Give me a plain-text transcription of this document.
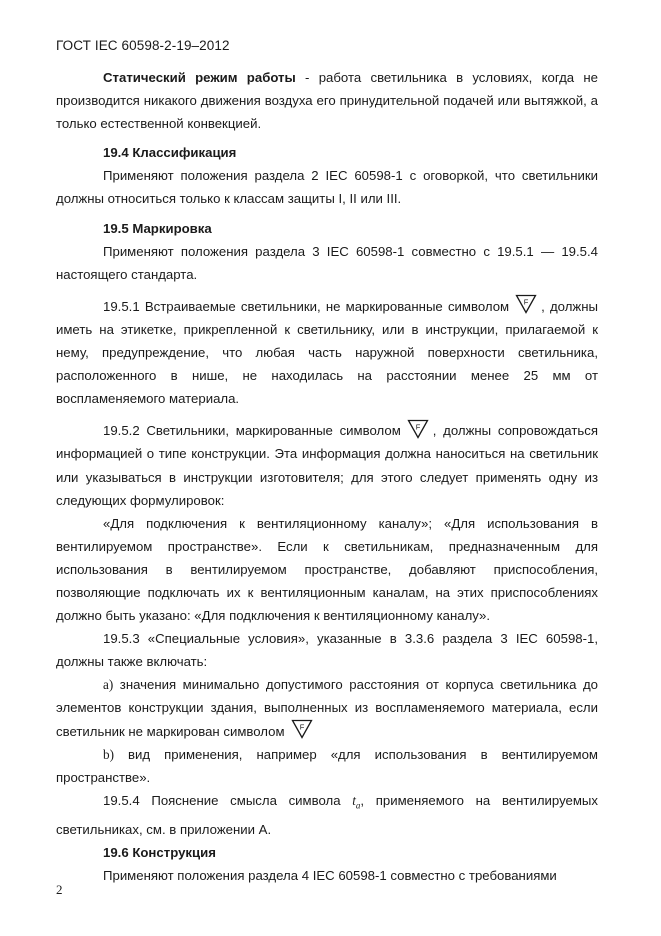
ГОСТ IEC 60598-2-19–2012

Статический режим работы - работа светильника в условиях, когда не производится никакого движения воздуха его принудительной подачей или вытяжкой, а только естественной конвекцией.

19.4 Классификация

Применяют положения раздела 2 IEC 60598-1 с оговоркой, что светильники должны относиться только к классам защиты I, II или III.

19.5 Маркировка

Применяют положения раздела 3 IEC 60598-1 совместно с 19.5.1 — 19.5.4 настоящего стандарта.

19.5.1 Встраиваемые светильники, не маркированные символом F , должны иметь на этикетке, прикрепленной к светильнику, или в инструкции, прилагаемой к нему, предупреждение, что любая часть наружной поверхности светильника, расположенного в нише, не находилась на расстоянии менее 25 мм от воспламеняемого материала.

19.5.2 Светильники, маркированные символом F , должны сопровождаться информацией о типе конструкции. Эта информация должна наноситься на светильник или указываться в инструкции изготовителя; для этого следует применять одну из следующих формулировок:

«Для подключения к вентиляционному каналу»; «Для использования в вентилируемом пространстве». Если к светильникам, предназначенным для использования в вентилируемом пространстве, добавляют приспособления, позволяющие подключать их к вентиляционным каналам, на этих приспособлениях должно быть указано: «Для подключения к вентиляционному каналу».

19.5.3 «Специальные условия», указанные в 3.3.6 раздела 3 IEC 60598-1, должны также включать:

a) значения минимально допустимого расстояния от корпуса светильника до элементов конструкции здания, выполненных из воспламеняемого материала, если светильник не маркирован символом F

b) вид применения, например «для использования в вентилируемом пространстве».

19.5.4 Пояснение смысла символа $t_a$, применяемого на вентилируемых светильниках, см. в приложении А.

19.6 Конструкция

Применяют положения раздела 4 IEC 60598-1 совместно с требованиями

2
